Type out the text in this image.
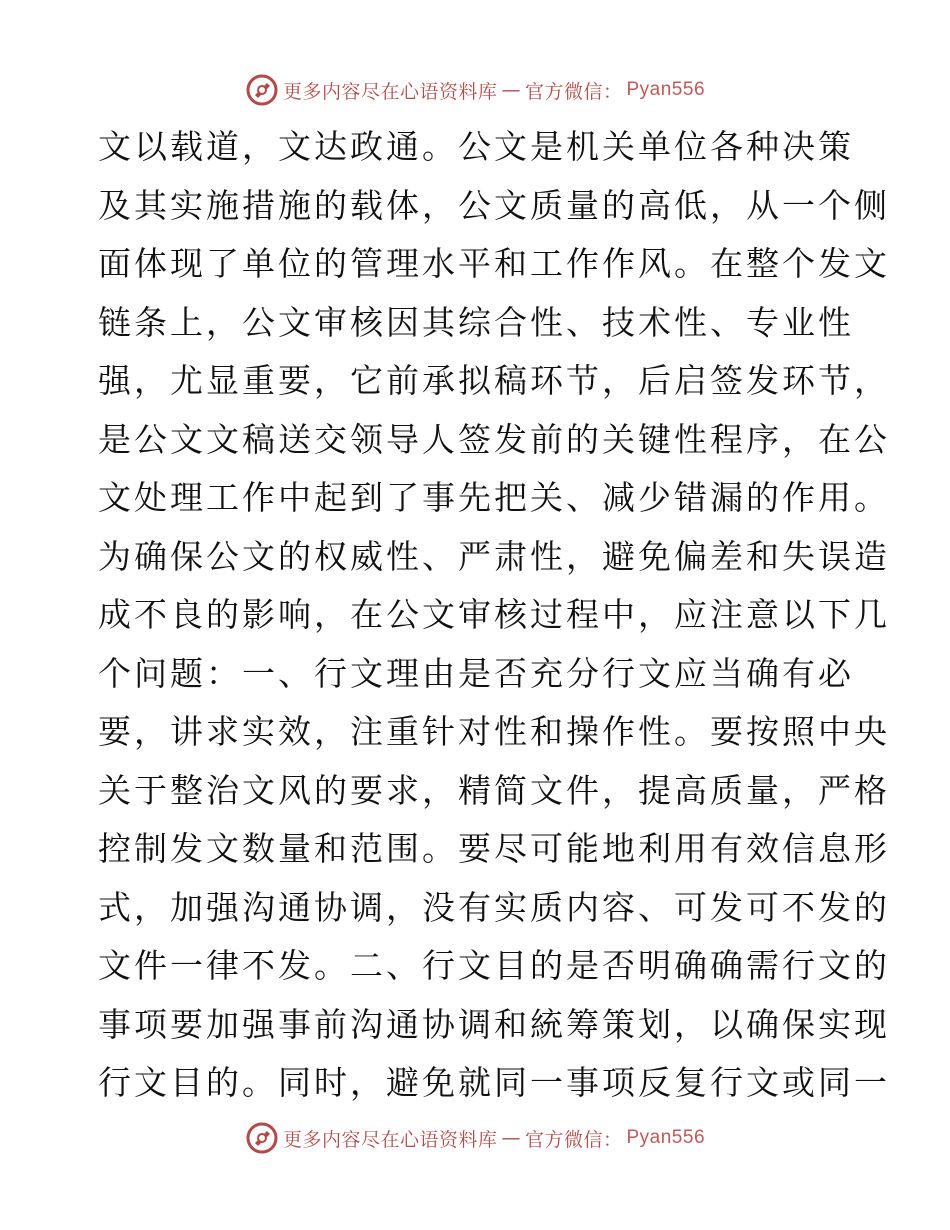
更多内容尽在心语资料库 — 官方微信： Pyan556
文以载道，文达政通。公文是机关单位各种决策
及其实施措施的载体，公文质量的高低，从一个侧
面体现了单位的管理水平和工作作风。在整个发文
链条上，公文审核因其综合性、技术性、专业性
强，尤显重要，它前承拟稿环节，后启签发环节，
是公文文稿送交领导人签发前的关键性程序，在公
文处理工作中起到了事先把关、减少错漏的作用。
为确保公文的权威性、严肃性，避免偏差和失误造
成不良的影响，在公文审核过程中，应注意以下几
个问题：一、行文理由是否充分行文应当确有必
要，讲求实效，注重针对性和操作性。要按照中央
关于整治文风的要求，精简文件，提高质量，严格
控制发文数量和范围。要尽可能地利用有效信息形
式，加强沟通协调，没有实质内容、可发可不发的
文件一律不发。二、行文目的是否明确确需行文的
事项要加强事前沟通协调和統筹策划，以确保实现
行文目的。同时，避免就同一事项反复行文或同一
更多内容尽在心语资料库 — 官方微信： Pyan556
